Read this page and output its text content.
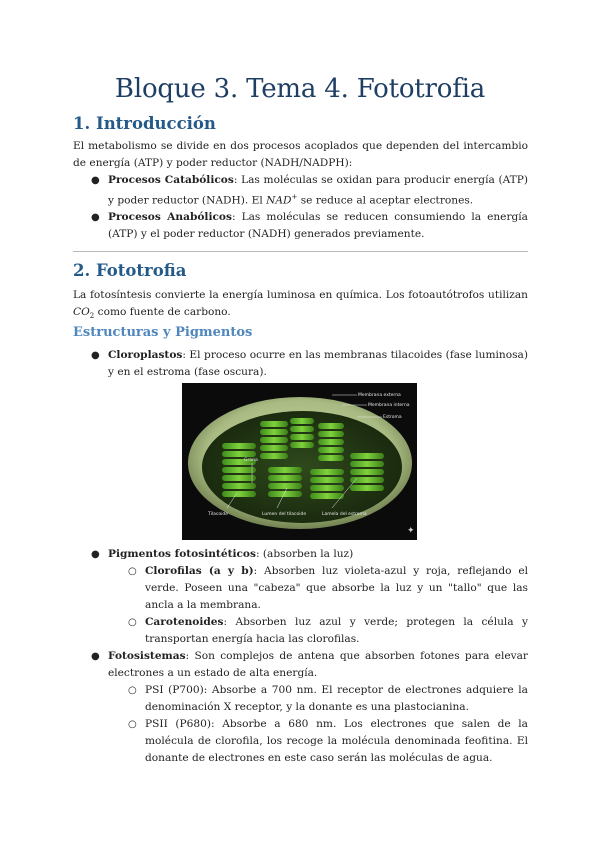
Bloque 3. Tema 4. Fototrofia
1. Introducción

El metabolismo se divide en dos procesos acoplados que dependen del intercambio de energía (ATP) y poder reductor (NADH/NADPH):

● Procesos Catabólicos: Las moléculas se oxidan para producir energía (ATP) y poder reductor (NADH). El NAD+ se reduce al aceptar electrones.
● Procesos Anabólicos: Las moléculas se reducen consumiendo la energía (ATP) y el poder reductor (NADH) generados previamente.
2. Fototrofia

La fotosíntesis convierte la energía luminosa en química. Los fotoautótrofos utilizan $CO_2$ como fuente de carbono.

Estructuras y Pigmentos
● Cloroplastos: El proceso ocurre en las membranas tilacoides (fase luminosa) y en el estroma (fase oscura).
Membrana externa
Membrana interna
Estroma
Grana
Tilacoide	Lumen del tilacoide	Lamela del estroma
✦
● Pigmentos fotosintéticos: (absorben la luz)
○ Clorofilas (a y b): Absorben luz violeta-azul y roja, reflejando el verde. Poseen una "cabeza" que absorbe la luz y un "tallo" que las ancla a la membrana.
○ Carotenoides: Absorben luz azul y verde; protegen la célula y transportan energía hacia las clorofilas.
● Fotosistemas: Son complejos de antena que absorben fotones para elevar electrones a un estado de alta energía.
○ PSI (P700): Absorbe a 700 nm. El receptor de electrones adquiere la denominación X receptor, y la donante es una plastocianina.
○ PSII (P680): Absorbe a 680 nm. Los electrones que salen de la molécula de clorofila, los recoge la molécula denominada feofitina. El donante de electrones en este caso serán las moléculas de agua.
